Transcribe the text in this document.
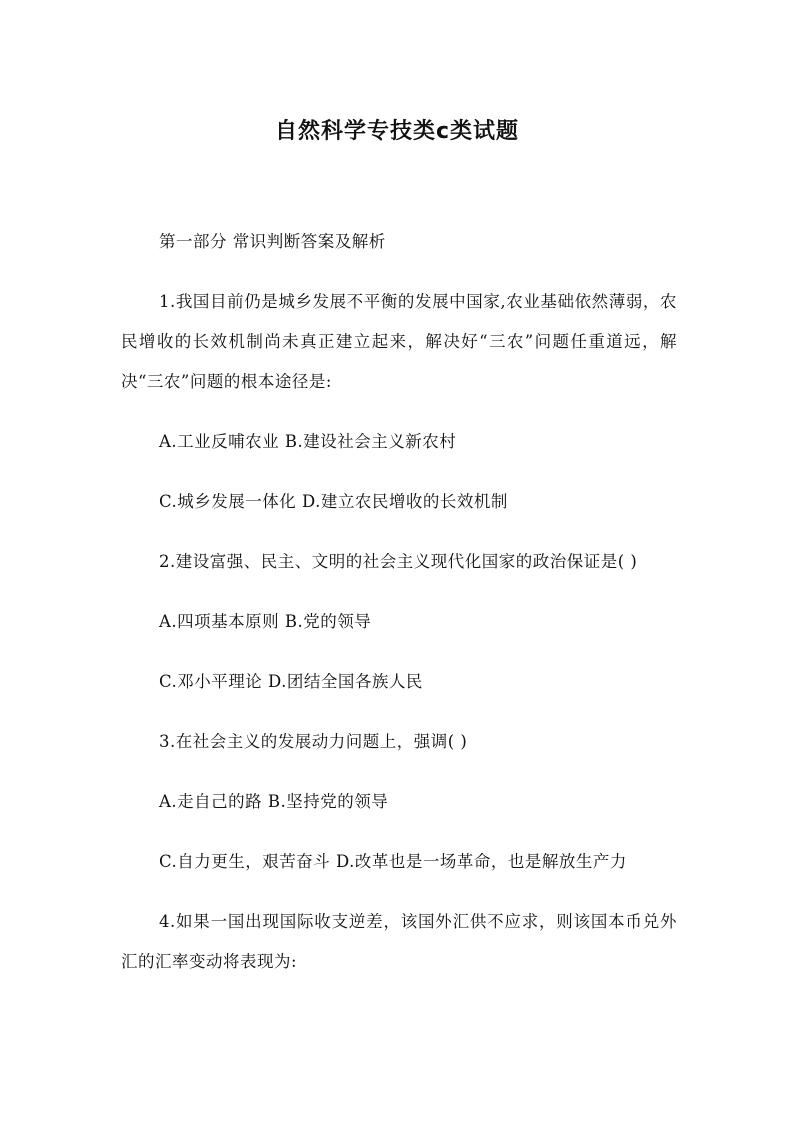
自然科学专技类c类试题

第一部分 常识判断答案及解析

1.我国目前仍是城乡发展不平衡的发展中国家,农业基础依然薄弱，农民增收的长效机制尚未真正建立起来，解决好“三农”问题任重道远，解决“三农”问题的根本途径是:

A.工业反哺农业 B.建设社会主义新农村

C.城乡发展一体化 D.建立农民增收的长效机制

2.建设富强、民主、文明的社会主义现代化国家的政治保证是( )

A.四项基本原则 B.党的领导

C.邓小平理论 D.团结全国各族人民

3.在社会主义的发展动力问题上，强调( )

A.走自己的路 B.坚持党的领导

C.自力更生，艰苦奋斗 D.改革也是一场革命，也是解放生产力

4.如果一国出现国际收支逆差，该国外汇供不应求，则该国本币兑外汇的汇率变动将表现为:
